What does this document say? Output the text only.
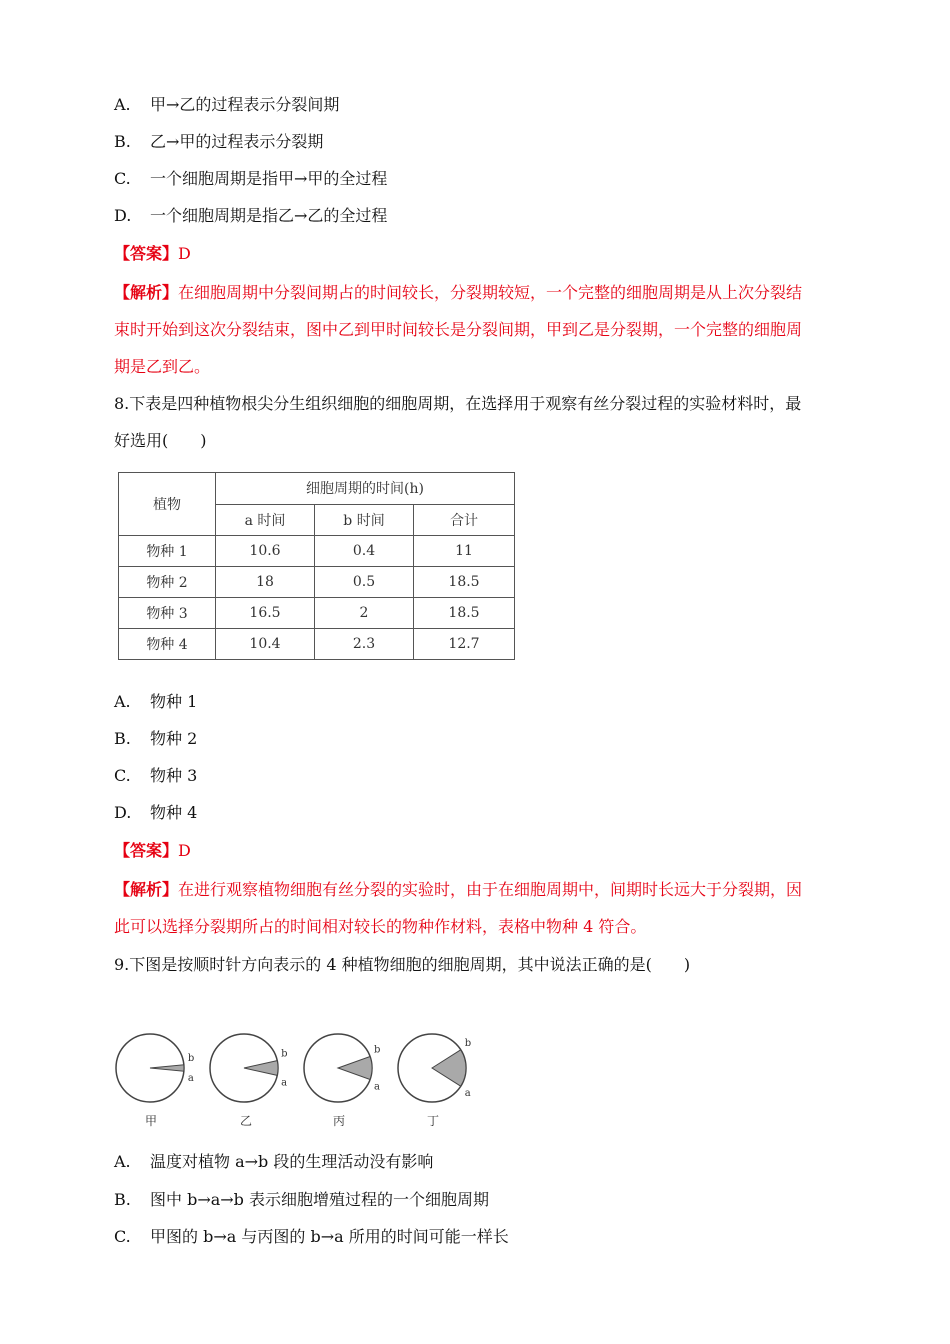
A. 甲→乙的过程表示分裂间期
B. 乙→甲的过程表示分裂期
C. 一个细胞周期是指甲→甲的全过程
D. 一个细胞周期是指乙→乙的全过程
【答案】D
【解析】在细胞周期中分裂间期占的时间较长，分裂期较短，一个完整的细胞周期是从上次分裂结
束时开始到这次分裂结束，图中乙到甲时间较长是分裂间期，甲到乙是分裂期，一个完整的细胞周
期是乙到乙。
8.下表是四种植物根尖分生组织细胞的细胞周期，在选择用于观察有丝分裂过程的实验材料时，最
好选用(　　)
植物	细胞周期的时间(h)		
	a 时间	b 时间	合计
物种 1	10.6	0.4	11
物种 2	18	0.5	18.5
物种 3	16.5	2	18.5
物种 4	10.4	2.3	12.7
A. 物种 1
B. 物种 2
C. 物种 3
D. 物种 4
【答案】D
【解析】在进行观察植物细胞有丝分裂的实验时，由于在细胞周期中，间期时长远大于分裂期，因
此可以选择分裂期所占的时间相对较长的物种作材料，表格中物种 4 符合。
9.下图是按顺时针方向表示的 4 种植物细胞的细胞周期，其中说法正确的是(　　)
b
a
b
a
b
a
b
a
甲	乙	丙	丁
A. 温度对植物 a→b 段的生理活动没有影响
B. 图中 b→a→b 表示细胞增殖过程的一个细胞周期
C. 甲图的 b→a 与丙图的 b→a 所用的时间可能一样长
